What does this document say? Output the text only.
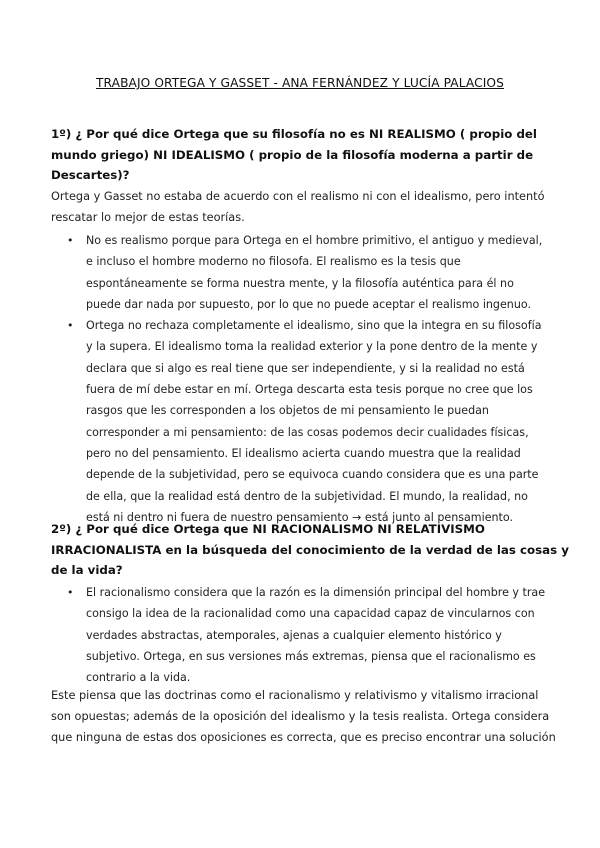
TRABAJO ORTEGA Y GASSET - ANA FERNÁNDEZ Y LUCÍA PALACIOS
1º) ¿ Por qué dice Ortega que su filosofía no es NI REALISMO ( propio del
mundo griego) NI IDEALISMO ( propio de la filosofía moderna a partir de
Descartes)?
Ortega y Gasset no estaba de acuerdo con el realismo ni con el idealismo, pero intentó
rescatar lo mejor de estas teorías.
• No es realismo porque para Ortega en el hombre primitivo, el antiguo y medieval,
e incluso el hombre moderno no filosofa. El realismo es la tesis que
espontáneamente se forma nuestra mente, y la filosofía auténtica para él no
puede dar nada por supuesto, por lo que no puede aceptar el realismo ingenuo.
• Ortega no rechaza completamente el idealismo, sino que la integra en su filosofía
y la supera. El idealismo toma la realidad exterior y la pone dentro de la mente y
declara que si algo es real tiene que ser independiente, y si la realidad no está
fuera de mí debe estar en mí. Ortega descarta esta tesis porque no cree que los
rasgos que les corresponden a los objetos de mi pensamiento le puedan
corresponder a mi pensamiento: de las cosas podemos decir cualidades físicas,
pero no del pensamiento. El idealismo acierta cuando muestra que la realidad
depende de la subjetividad, pero se equivoca cuando considera que es una parte
de ella, que la realidad está dentro de la subjetividad. El mundo, la realidad, no
está ni dentro ni fuera de nuestro pensamiento → está junto al pensamiento.
2º) ¿ Por qué dice Ortega que NI RACIONALISMO NI RELATIVISMO
IRRACIONALISTA en la búsqueda del conocimiento de la verdad de las cosas y
de la vida?
• El racionalismo considera que la razón es la dimensión principal del hombre y trae
consigo la idea de la racionalidad como una capacidad capaz de vincularnos con
verdades abstractas, atemporales, ajenas a cualquier elemento histórico y
subjetivo. Ortega, en sus versiones más extremas, piensa que el racionalismo es
contrario a la vida.
Este piensa que las doctrinas como el racionalismo y relativismo y vitalismo irracional
son opuestas; además de la oposición del idealismo y la tesis realista. Ortega considera
que ninguna de estas dos oposiciones es correcta, que es preciso encontrar una solución
